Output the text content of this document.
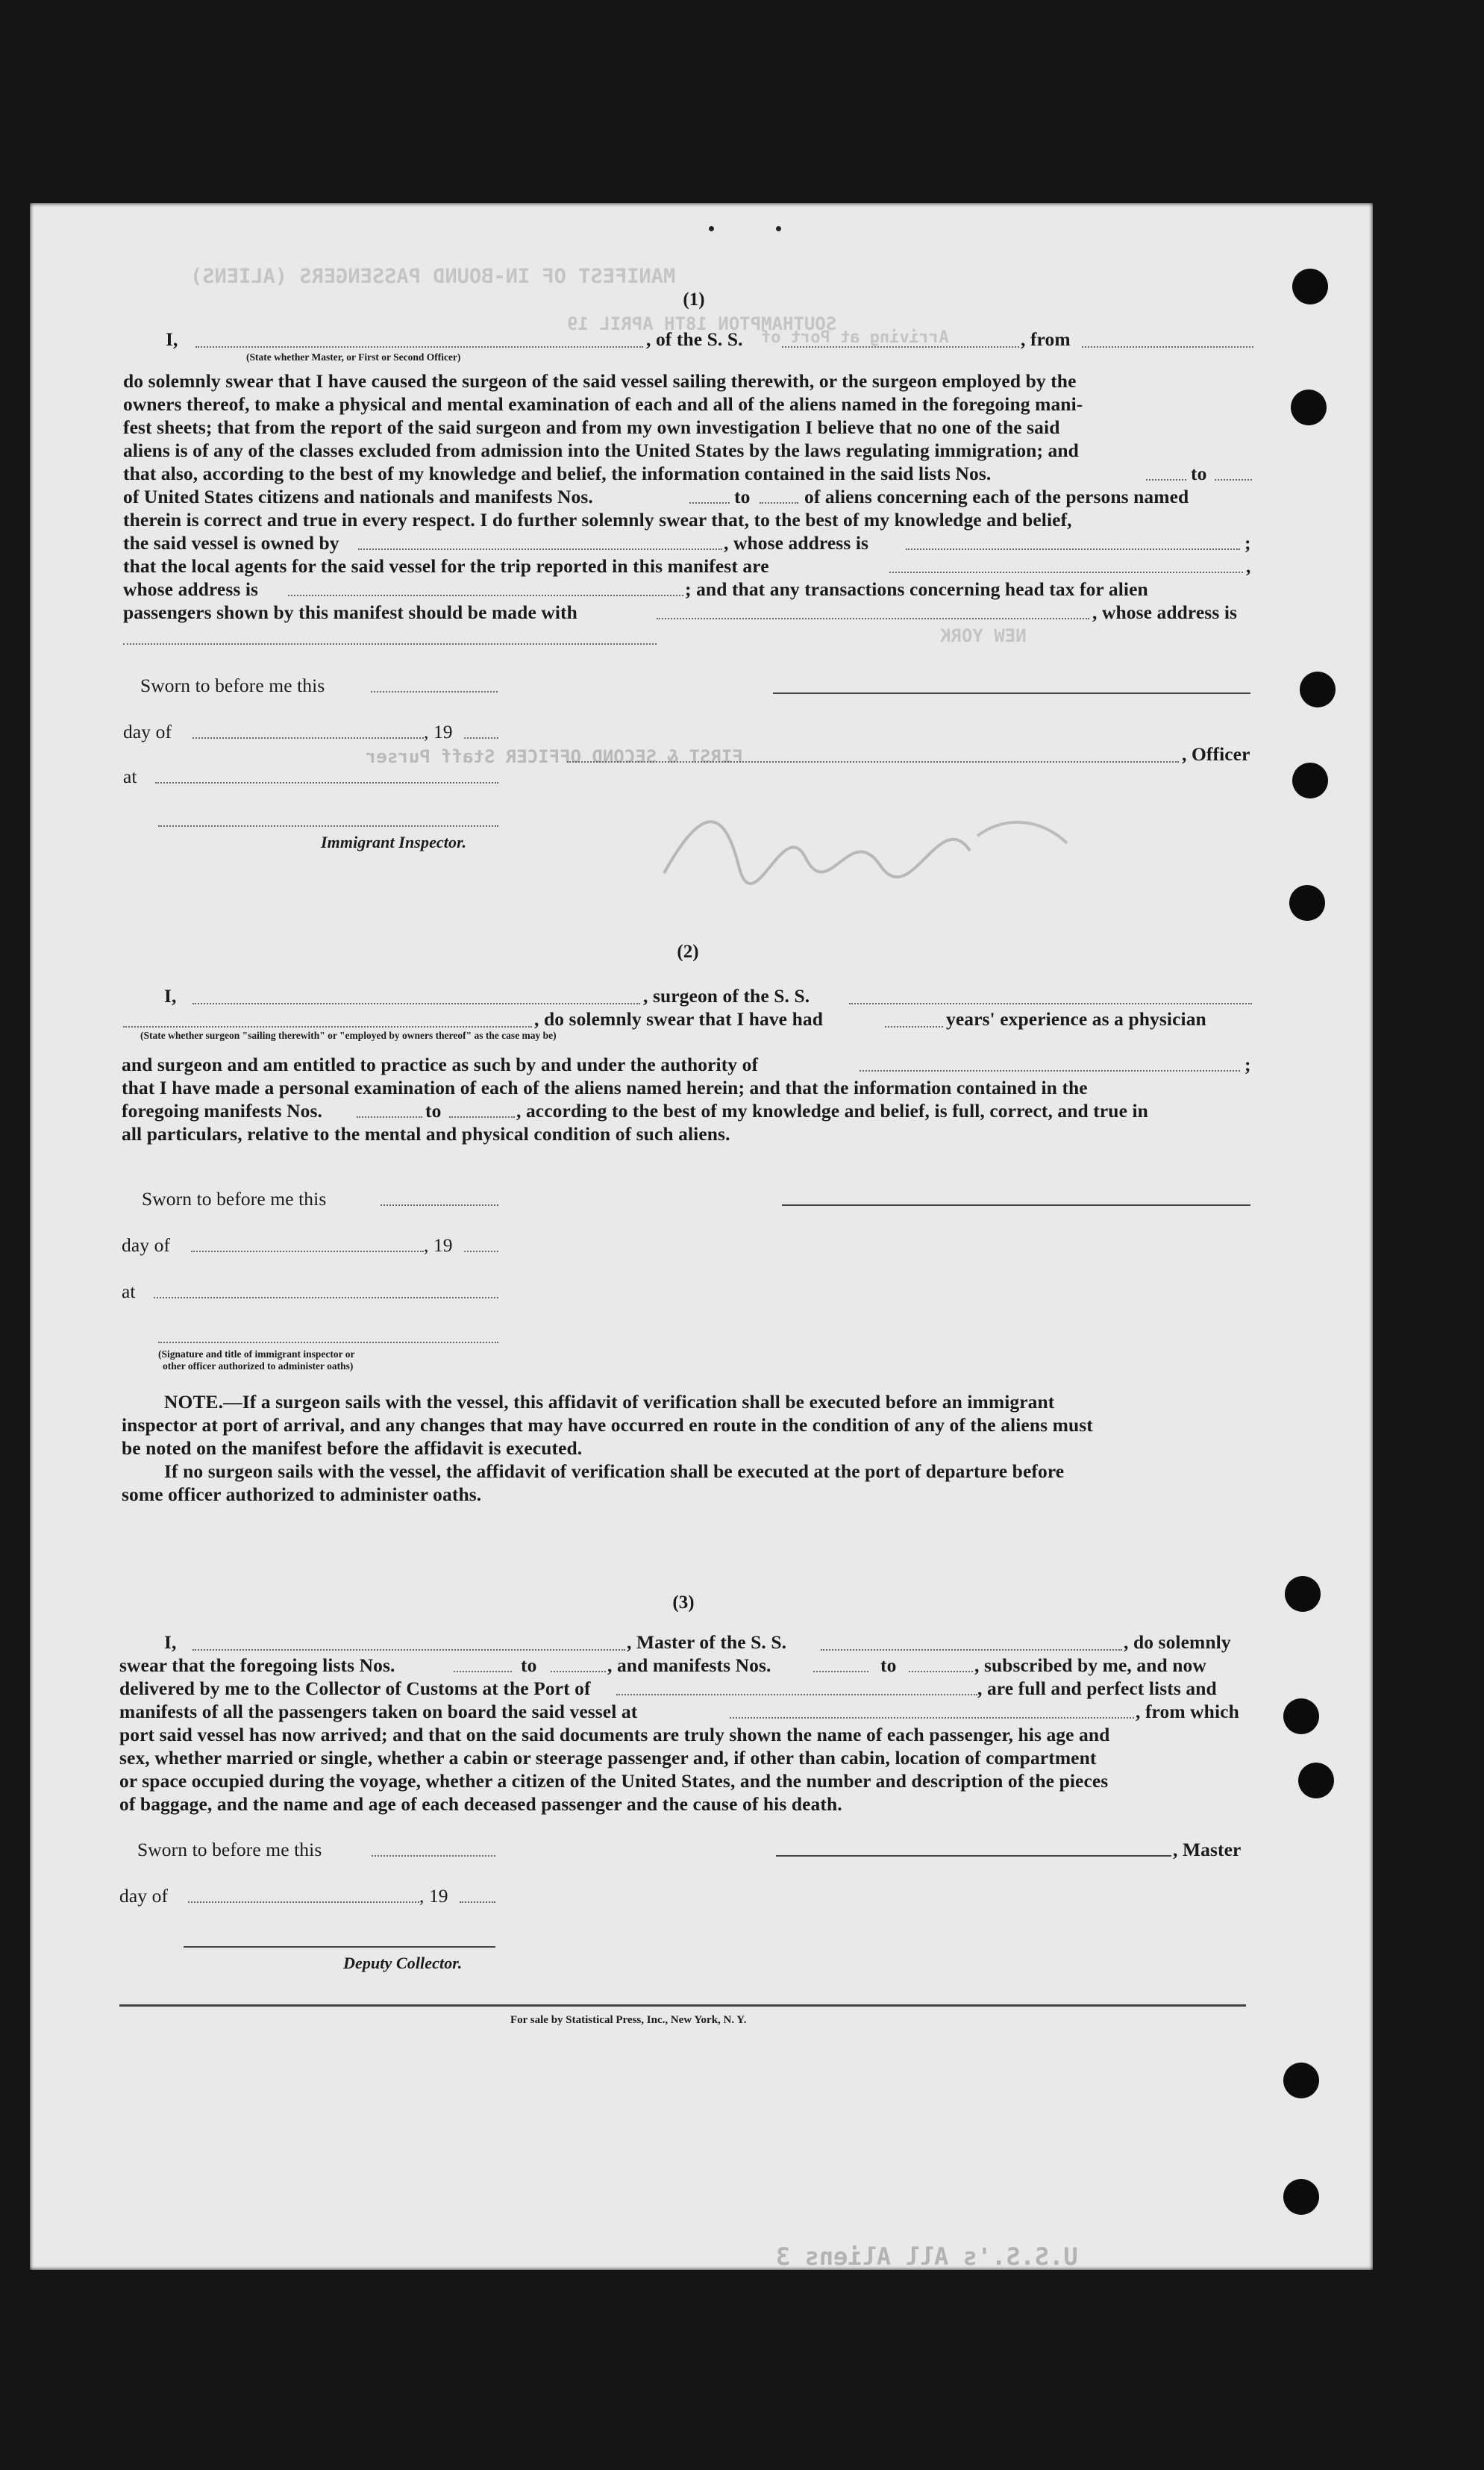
MANIFEST OF IN-BOUND PASSENGERS (ALIENS)
SOUTHAMPTON 18TH APRIL 19
Arriving at Port of
NEW YORK
FIRST & SECOND OFFICER Staff Purser
(1)
I,	, of the S. S.	, from
(State whether Master, or First or Second Officer)
do solemnly swear that I have caused the surgeon of the said vessel sailing therewith, or the surgeon employed by the
owners thereof, to make a physical and mental examination of each and all of the aliens named in the foregoing mani-
fest sheets; that from the report of the said surgeon and from my own investigation I believe that no one of the said
aliens is of any of the classes excluded from admission into the United States by the laws regulating immigration; and
that also, according to the best of my knowledge and belief, the information contained in the said lists Nos.	to
of United States citizens and nationals and manifests Nos.	to	of aliens concerning each of the persons named
therein is correct and true in every respect. I do further solemnly swear that, to the best of my knowledge and belief,
the said vessel is owned by	, whose address is	;
that the local agents for the said vessel for the trip reported in this manifest are	,
whose address is	; and that any transactions concerning head tax for alien
passengers shown by this manifest should be made with	, whose address is
Sworn to before me this
day of	, 19
at
, Officer
Immigrant Inspector.
(2)
I,	, surgeon of the S. S.
, do solemnly swear that I have had	years' experience as a physician
(State whether surgeon "sailing therewith" or "employed by owners thereof" as the case may be)
and surgeon and am entitled to practice as such by and under the authority of	;
that I have made a personal examination of each of the aliens named herein; and that the information contained in the
foregoing manifests Nos.	to	, according to the best of my knowledge and belief, is full, correct, and true in
all particulars, relative to the mental and physical condition of such aliens.
Sworn to before me this
day of	, 19
at
(Signature and title of immigrant inspector or
other officer authorized to administer oaths)
NOTE.—If a surgeon sails with the vessel, this affidavit of verification shall be executed before an immigrant
inspector at port of arrival, and any changes that may have occurred en route in the condition of any of the aliens must
be noted on the manifest before the affidavit is executed.
If no surgeon sails with the vessel, the affidavit of verification shall be executed at the port of departure before
some officer authorized to administer oaths.
(3)
I,	, Master of the S. S.	, do solemnly
swear that the foregoing lists Nos.	to	, and manifests Nos.	to	, subscribed by me, and now
delivered by me to the Collector of Customs at the Port of	, are full and perfect lists and
manifests of all the passengers taken on board the said vessel at	, from which
port said vessel has now arrived; and that on the said documents are truly shown the name of each passenger, his age and
sex, whether married or single, whether a cabin or steerage passenger and, if other than cabin, location of compartment
or space occupied during the voyage, whether a citizen of the United States, and the number and description of the pieces
of baggage, and the name and age of each deceased passenger and the cause of his death.
Sworn to before me this	, Master
day of	, 19
Deputy Collector.
For sale by Statistical Press, Inc., New York, N. Y.
U.S.S.'s All Aliens 3
